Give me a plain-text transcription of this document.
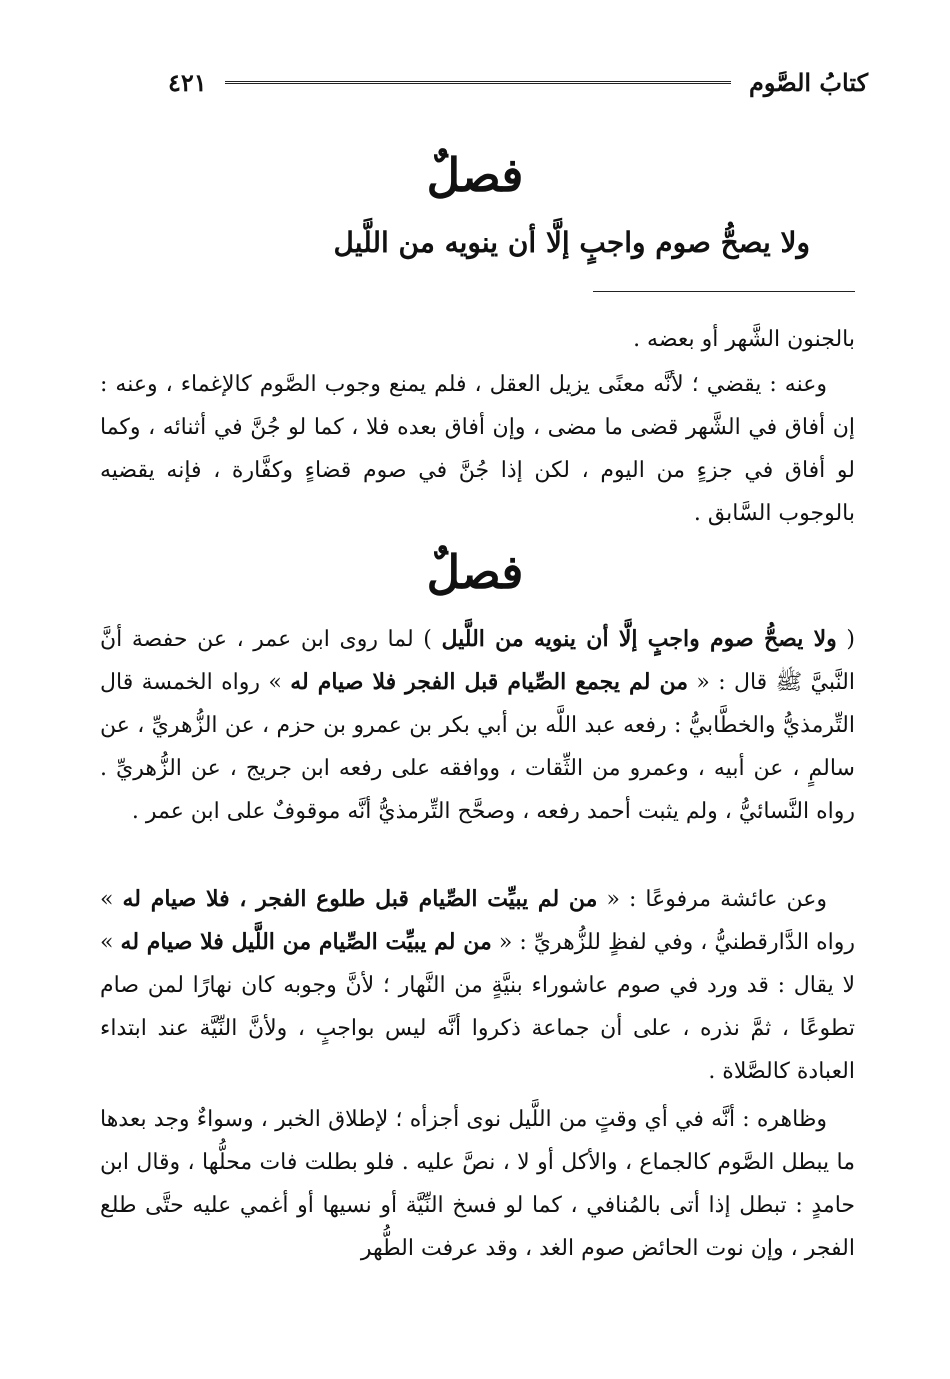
كتابُ الصَّوم
٤٢١
فصلٌ
ولا يصحُّ صوم واجبٍ إلَّا أن ينويه من اللَّيل
بالجنون الشَّهر أو بعضه .
وعنه : يقضي ؛ لأنَّه معنًى يزيل العقل ، فلم يمنع وجوب الصَّوم كالإغماء ، وعنه : إن أفاق في الشَّهر قضى ما مضى ، وإن أفاق بعده فلا ، كما لو جُنَّ في أثنائه ، وكما لو أفاق في جزءٍ من اليوم ، لكن إذا جُنَّ في صوم قضاءٍ وكفَّارة ، فإنه يقضيه بالوجوب السَّابق .
فصلٌ
( ولا يصحُّ صوم واجبٍ إلَّا أن ينويه من اللَّيل ) لما روى ابن عمر ، عن حفصة أنَّ النَّبيَّ ﷺ قال : « من لم يجمع الصِّيام قبل الفجر فلا صيام له » رواه الخمسة قال التِّرمذيُّ والخطَّابيُّ : رفعه عبد اللَّه بن أبي بكر بن عمرو بن حزم ، عن الزُّهريِّ ، عن سالمٍ ، عن أبيه ، وعمرو من الثِّقات ، ووافقه على رفعه ابن جريج ، عن الزُّهريِّ . رواه النَّسائيُّ ، ولم يثبت أحمد رفعه ، وصحَّح التِّرمذيُّ أنَّه موقوفٌ على ابن عمر .
وعن عائشة مرفوعًا : « من لم يبيِّت الصِّيام قبل طلوع الفجر ، فلا صيام له » رواه الدَّارقطنيُّ ، وفي لفظٍ للزُّهريِّ : « من لم يبيِّت الصِّيام من اللَّيل فلا صيام له » لا يقال : قد ورد في صوم عاشوراء بنيَّةٍ من النَّهار ؛ لأنَّ وجوبه كان نهارًا لمن صام تطوعًا ، ثمَّ نذره ، على أن جماعة ذكروا أنَّه ليس بواجبٍ ، ولأنَّ النِّيَّة عند ابتداء العبادة كالصَّلاة .
وظاهره : أنَّه في أي وقتٍ من اللَّيل نوى أجزأه ؛ لإطلاق الخبر ، وسواءٌ وجد بعدها ما يبطل الصَّوم كالجماع ، والأكل أو لا ، نصَّ عليه . فلو بطلت فات محلُّها ، وقال ابن حامدٍ : تبطل إذا أتى بالمُنافي ، كما لو فسخ النِّيَّة أو نسيها أو أغمي عليه حتَّى طلع الفجر ، وإن نوت الحائض صوم الغد ، وقد عرفت الطُّهر
